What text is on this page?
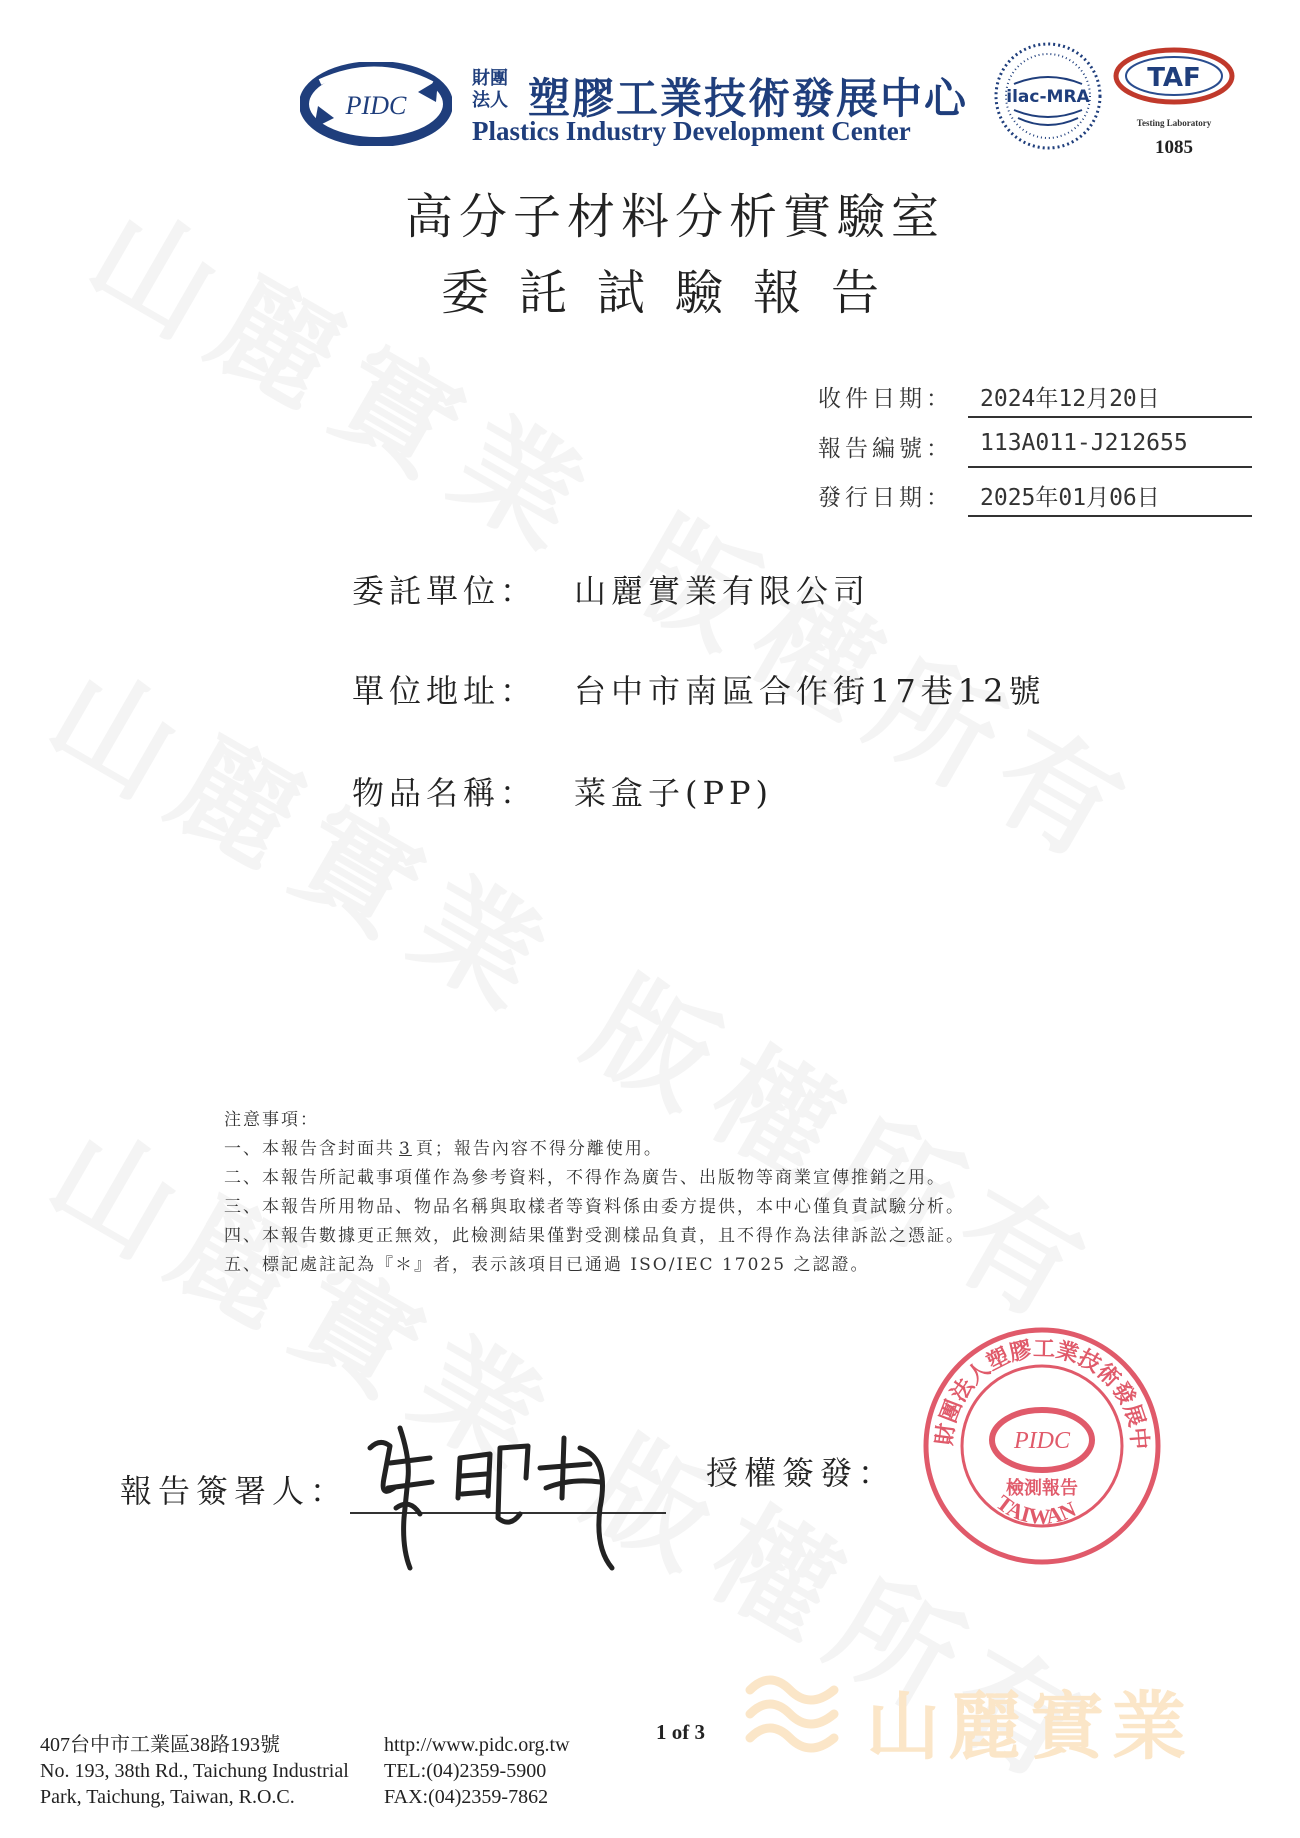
PIDC
財團
法人 塑膠工業技術發展中心
Plastics Industry Development Center
ilac-MRA
TAF
Testing Laboratory
1085
高分子材料分析實驗室
委託試驗報告
收件日期： 2024年12月20日
報告編號： 113A011-J212655
發行日期： 2025年01月06日
委託單位： 山麗實業有限公司
單位地址： 台中市南區合作街17巷12號
物品名稱： 菜盒子(PP)
注意事項：
一、本報告含封面共 3 頁；報告內容不得分離使用。
二、本報告所記載事項僅作為參考資料，不得作為廣告、出版物等商業宣傳推銷之用。
三、本報告所用物品、物品名稱與取樣者等資料係由委方提供，本中心僅負責試驗分析。
四、本報告數據更正無效，此檢測結果僅對受測樣品負責，且不得作為法律訴訟之憑証。
五、標記處註記為『＊』者，表示該項目已通過 ISO/IEC 17025 之認證。
報告簽署人：	授權簽發：
財團法人塑膠工業技術發展中
PIDC
檢測報告
TAIWAN
407台中市工業區38路193號
No. 193, 38th Rd., Taichung Industrial
Park, Taichung, Taiwan, R.O.C.
http://www.pidc.org.tw
TEL:(04)2359-5900
FAX:(04)2359-7862
1 of 3 山麗實業
